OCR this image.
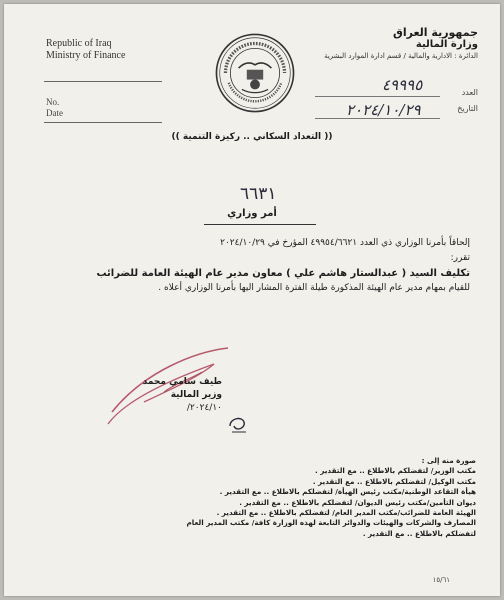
Republic of Iraq
Ministry of Finance
No.
Date
جمهورية العراق
وزارة المالية
الدائرة : الادارية والمالية / قسم ادارة الموارد البشرية
العدد
التاريخ
٤٩٩٩٥
٢٠٢٤/١٠/٢٩
(( التعداد السكاني .. ركيزة التنمية ))
٦٦٣١
أمر وزاري

إلحاقاً بأمرنا الوزاري ذي العدد ٤٩٩٥٤/٦٦٢١ المؤرخ في ٢٠٢٤/١٠/٢٩

تقرر:

تكليف السيد ( عبدالستار هاشم علي ) معاون مدير عام الهيئة العامة للضرائب

للقيام بمهام مدير عام الهيئة المذكورة طيلة الفترة المشار اليها بأمرنا الوزاري أعلاه .

طيف سامي محمد
وزير المالية
٢٠٢٤/١٠/
صورة منه إلى :
مكتب الوزير/ لتفضلكم بالاطلاع .. مع التقدير .
مكتب الوكيل/ لتفضلكم بالاطلاع .. مع التقدير .
هيأة التقاعد الوطنية/مكتب رئيس الهيأة/ لتفضلكم بالاطلاع .. مع التقدير .
ديوان التأمين/مكتب رئيس الديوان/ لتفضلكم بالاطلاع .. مع التقدير .
الهيئة العامة للضرائب/مكتب المدير العام/ لتفضلكم بالاطلاع .. مع التقدير .
المصارف والشركات والهيئات والدوائر التابعة لهذه الوزارة كافة/ مكتب المدير العام
لتفضلكم بالاطلاع .. مع التقدير .
١٥/٦١
